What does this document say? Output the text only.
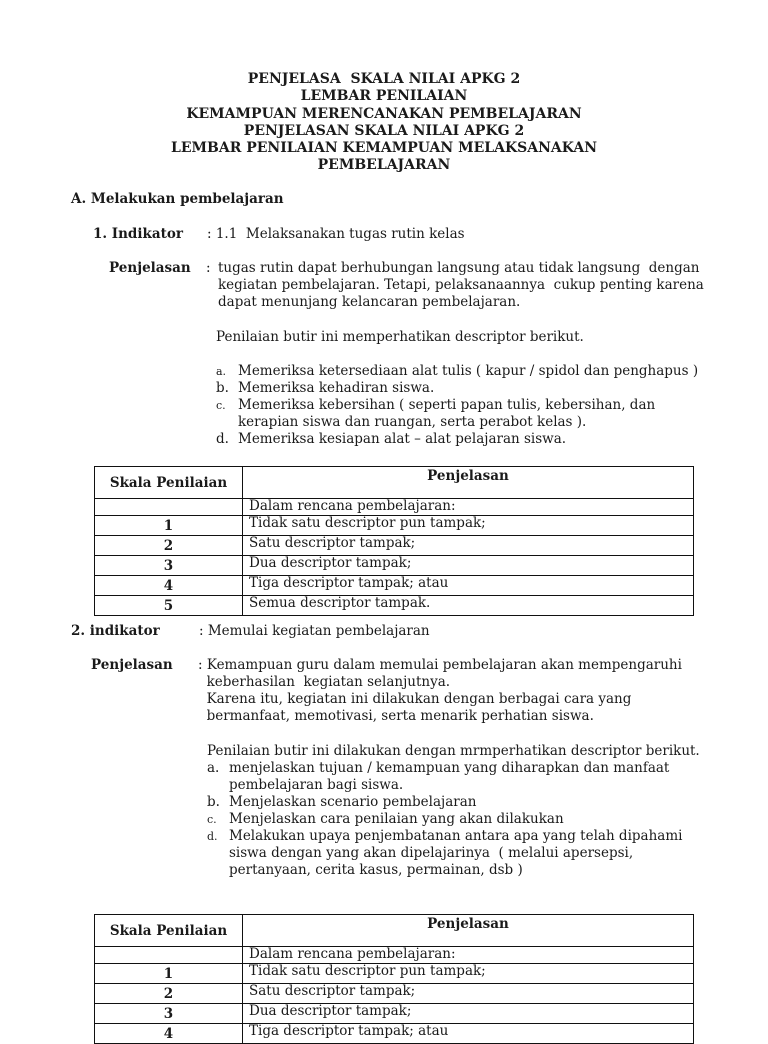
PENJELASA  SKALA NILAI APKG 2
LEMBAR PENILAIAN
KEMAMPUAN MERENCANAKAN PEMBELAJARAN
PENJELASAN SKALA NILAI APKG 2
LEMBAR PENILAIAN KEMAMPUAN MELAKSANAKAN
PEMBELAJARAN
A. Melakukan pembelajaran
1. Indikator : 1.1  Melaksanakan tugas rutin kelas
Penjelasan : tugas rutin dapat berhubungan langsung atau tidak langsung  dengan
kegiatan pembelajaran. Tetapi, pelaksanaannya  cukup penting karena
dapat menunjang kelancaran pembelajaran.
Penilaian butir ini memperhatikan descriptor berikut.
a. Memeriksa ketersediaan alat tulis ( kapur / spidol dan penghapus )
b. Memeriksa kehadiran siswa.
c. Memeriksa kebersihan ( seperti papan tulis, kebersihan, dan
kerapian siswa dan ruangan, serta perabot kelas ).
d. Memeriksa kesiapan alat – alat pelajaran siswa.
Skala Penilaian	Penjelasan
	Dalam rencana pembelajaran:
1	Tidak satu descriptor pun tampak;
2	Satu descriptor tampak;
3	Dua descriptor tampak;
4	Tiga descriptor tampak; atau
5	Semua descriptor tampak.
2. indikator	: Memulai kegiatan pembelajaran
Penjelasan : Kemampuan guru dalam memulai pembelajaran akan mempengaruhi
keberhasilan  kegiatan selanjutnya.
Karena itu, kegiatan ini dilakukan dengan berbagai cara yang
bermanfaat, memotivasi, serta menarik perhatian siswa.
Penilaian butir ini dilakukan dengan mrmperhatikan descriptor berikut.
a. menjelaskan tujuan / kemampuan yang diharapkan dan manfaat
pembelajaran bagi siswa.
b. Menjelaskan scenario pembelajaran
c. Menjelaskan cara penilaian yang akan dilakukan
d. Melakukan upaya penjembatanan antara apa yang telah dipahami
siswa dengan yang akan dipelajarinya  ( melalui apersepsi,
pertanyaan, cerita kasus, permainan, dsb )
Skala Penilaian	Penjelasan
	Dalam rencana pembelajaran:
1	Tidak satu descriptor pun tampak;
2	Satu descriptor tampak;
3	Dua descriptor tampak;
4	Tiga descriptor tampak; atau
